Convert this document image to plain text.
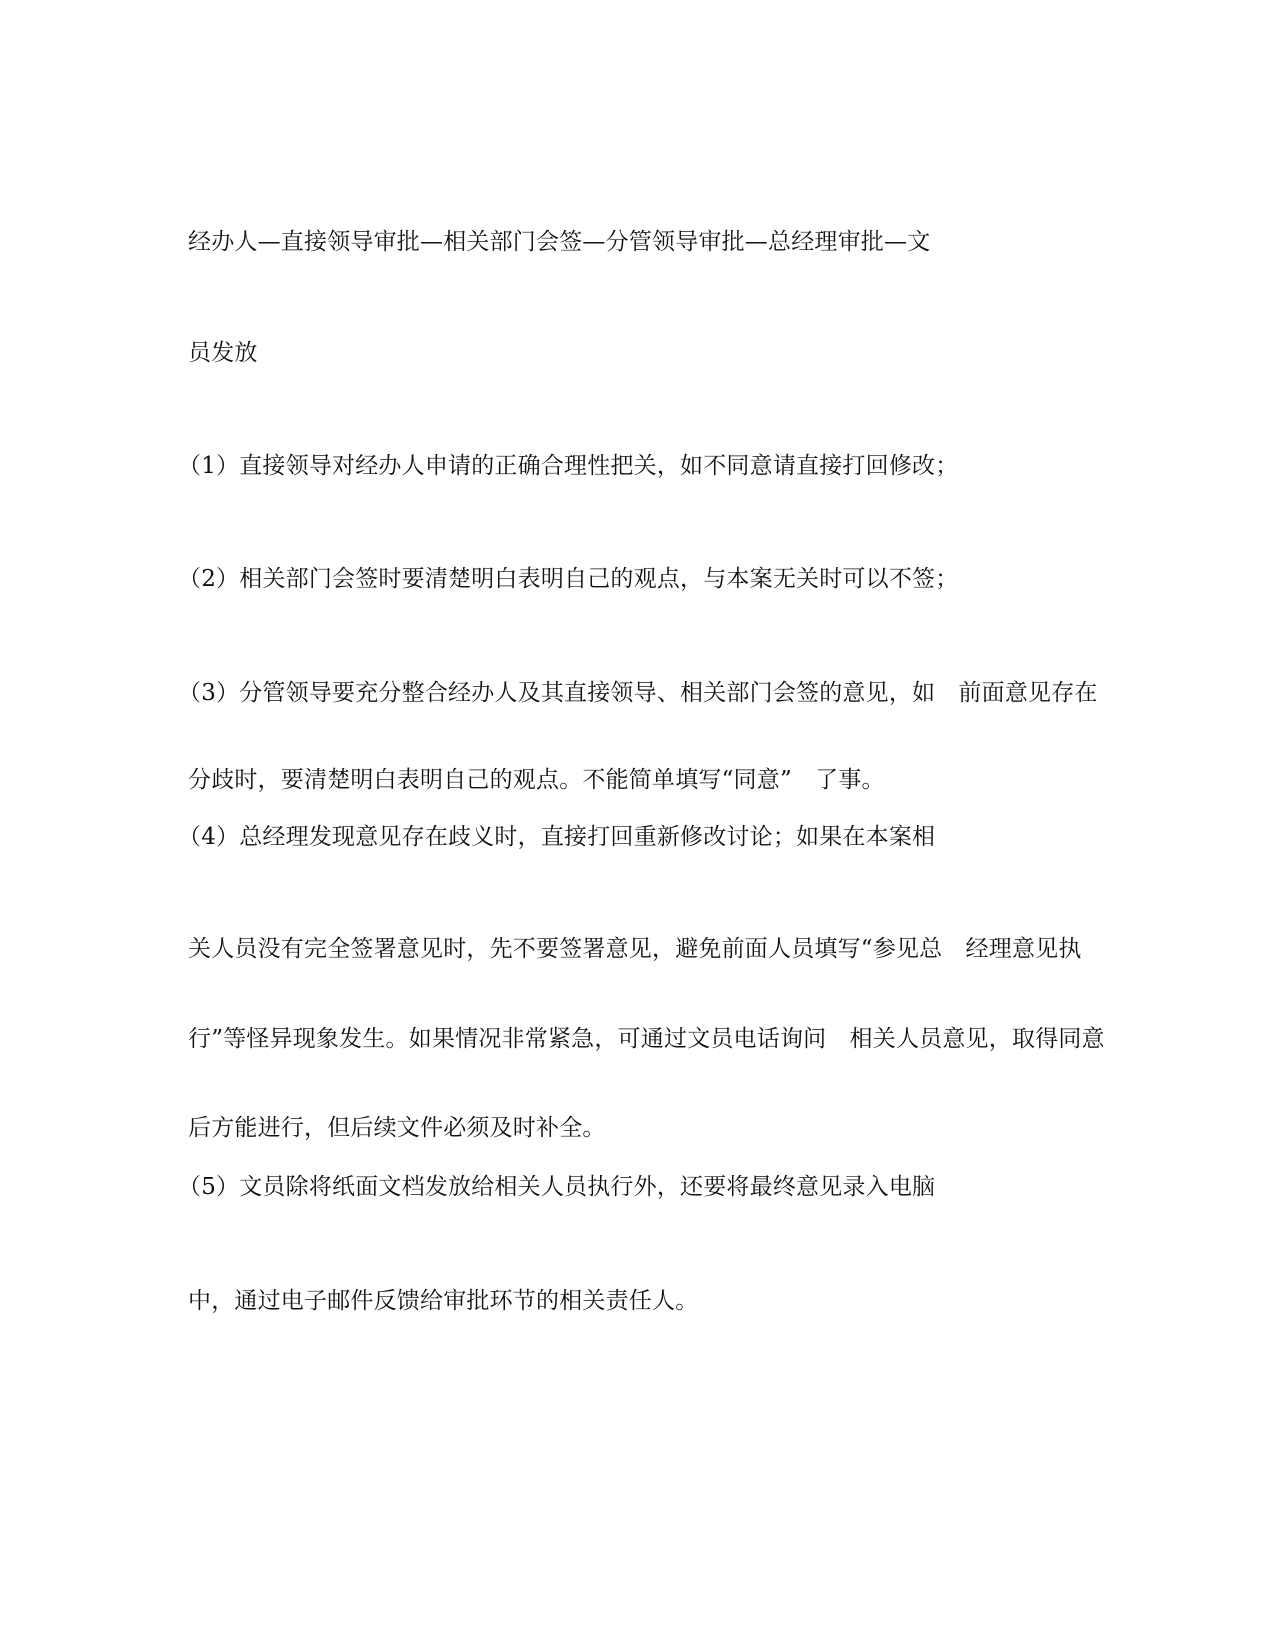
经办人—直接领导审批—相关部门会签—分管领导审批—总经理审批—文
员发放
（1）直接领导对经办人申请的正确合理性把关，如不同意请直接打回修改；
（2）相关部门会签时要清楚明白表明自己的观点，与本案无关时可以不签；
（3）分管领导要充分整合经办人及其直接领导、相关部门会签的意见，如　前面意见存在
分歧时，要清楚明白表明自己的观点。不能简单填写“同意”　了事。
（4）总经理发现意见存在歧义时，直接打回重新修改讨论；如果在本案相
关人员没有完全签署意见时，先不要签署意见，避免前面人员填写“参见总　经理意见执
行”等怪异现象发生。如果情况非常紧急，可通过文员电话询问　相关人员意见，取得同意
后方能进行，但后续文件必须及时补全。
（5）文员除将纸面文档发放给相关人员执行外，还要将最终意见录入电脑
中，通过电子邮件反馈给审批环节的相关责任人。
